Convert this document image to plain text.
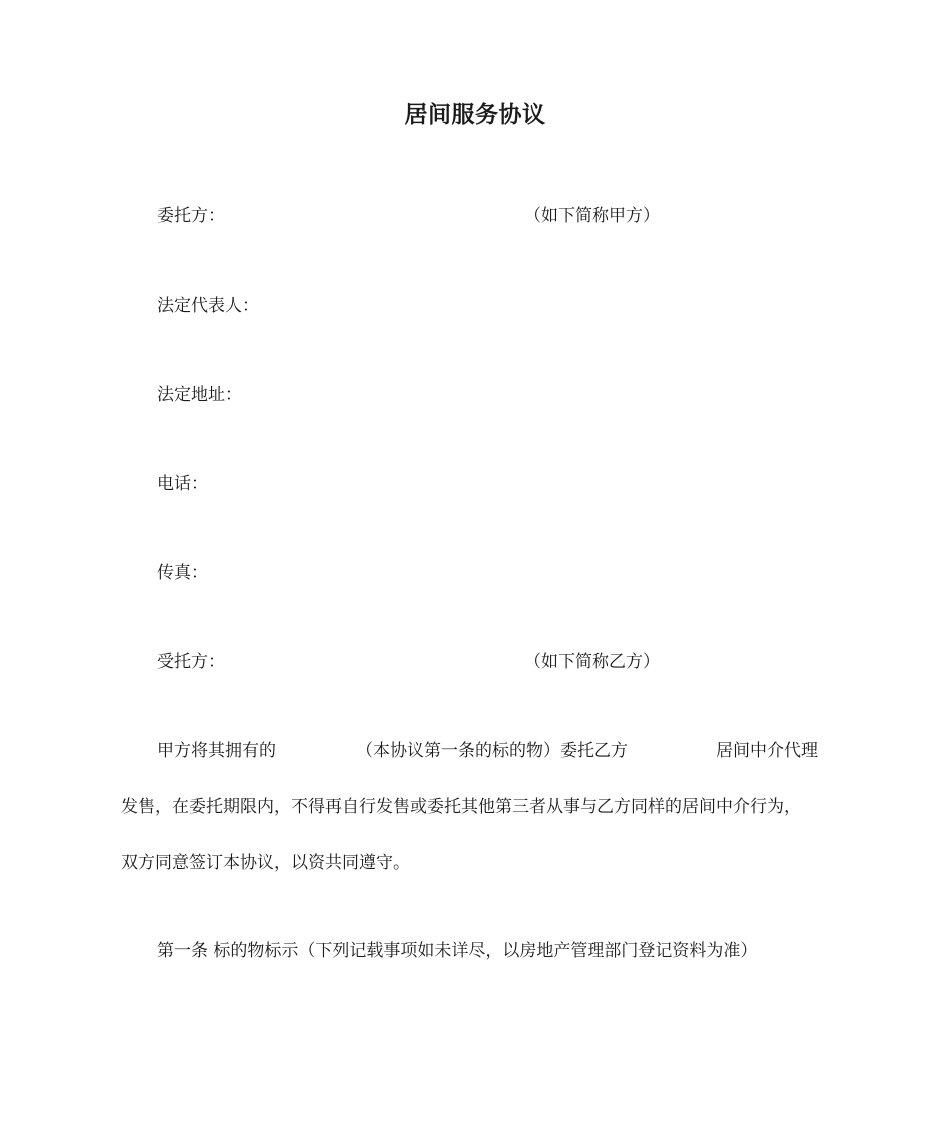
居间服务协议
委托方：	（如下简称甲方）
法定代表人：
法定地址：
电话：
传真：
受托方：	（如下简称乙方）
甲方将其拥有的	（本协议第一条的标的物）委托乙方	居间中介代理
发售，在委托期限内，不得再自行发售或委托其他第三者从事与乙方同样的居间中介行为，
双方同意签订本协议，以资共同遵守。
第一条 标的物标示（下列记载事项如未详尽，以房地产管理部门登记资料为准）
